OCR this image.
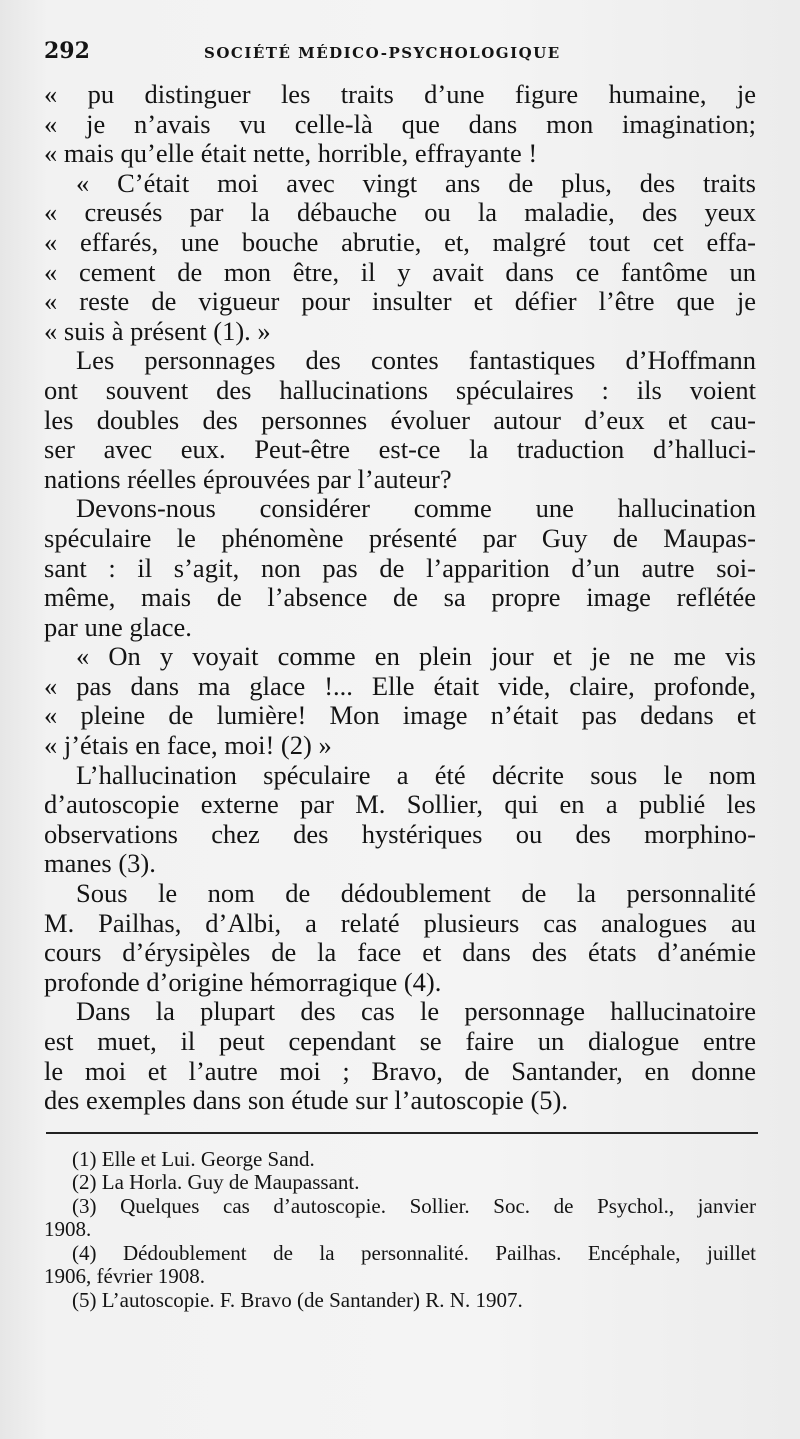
292	SOCIÉTÉ MÉDICO-PSYCHOLOGIQUE
« pu distinguer les traits d’une figure humaine, je
« je n’avais vu celle-là que dans mon imagination;
« mais qu’elle était nette, horrible, effrayante !
« C’était moi avec vingt ans de plus, des traits
« creusés par la débauche ou la maladie, des yeux
« effarés, une bouche abrutie, et, malgré tout cet effa-
« cement de mon être, il y avait dans ce fantôme un
« reste de vigueur pour insulter et défier l’être que je
« suis à présent (1). »
Les personnages des contes fantastiques d’Hoffmann
ont souvent des hallucinations spéculaires : ils voient
les doubles des personnes évoluer autour d’eux et cau-
ser avec eux. Peut-être est-ce la traduction d’halluci-
nations réelles éprouvées par l’auteur?
Devons-nous considérer comme une hallucination
spéculaire le phénomène présenté par Guy de Maupas-
sant : il s’agit, non pas de l’apparition d’un autre soi-
même, mais de l’absence de sa propre image reflétée
par une glace.
« On y voyait comme en plein jour et je ne me vis
« pas dans ma glace !... Elle était vide, claire, profonde,
« pleine de lumière! Mon image n’était pas dedans et
« j’étais en face, moi! (2) »
L’hallucination spéculaire a été décrite sous le nom
d’autoscopie externe par M. Sollier, qui en a publié les
observations chez des hystériques ou des morphino-
manes (3).
Sous le nom de dédoublement de la personnalité
M. Pailhas, d’Albi, a relaté plusieurs cas analogues au
cours d’érysipèles de la face et dans des états d’anémie
profonde d’origine hémorragique (4).
Dans la plupart des cas le personnage hallucinatoire
est muet, il peut cependant se faire un dialogue entre
le moi et l’autre moi ; Bravo, de Santander, en donne
des exemples dans son étude sur l’autoscopie (5).
(1) Elle et Lui. George Sand.
(2) La Horla. Guy de Maupassant.
(3) Quelques cas d’autoscopie. Sollier. Soc. de Psychol., janvier
1908.
(4) Dédoublement de la personnalité. Pailhas. Encéphale, juillet
1906, février 1908.
(5) L’autoscopie. F. Bravo (de Santander) R. N. 1907.
